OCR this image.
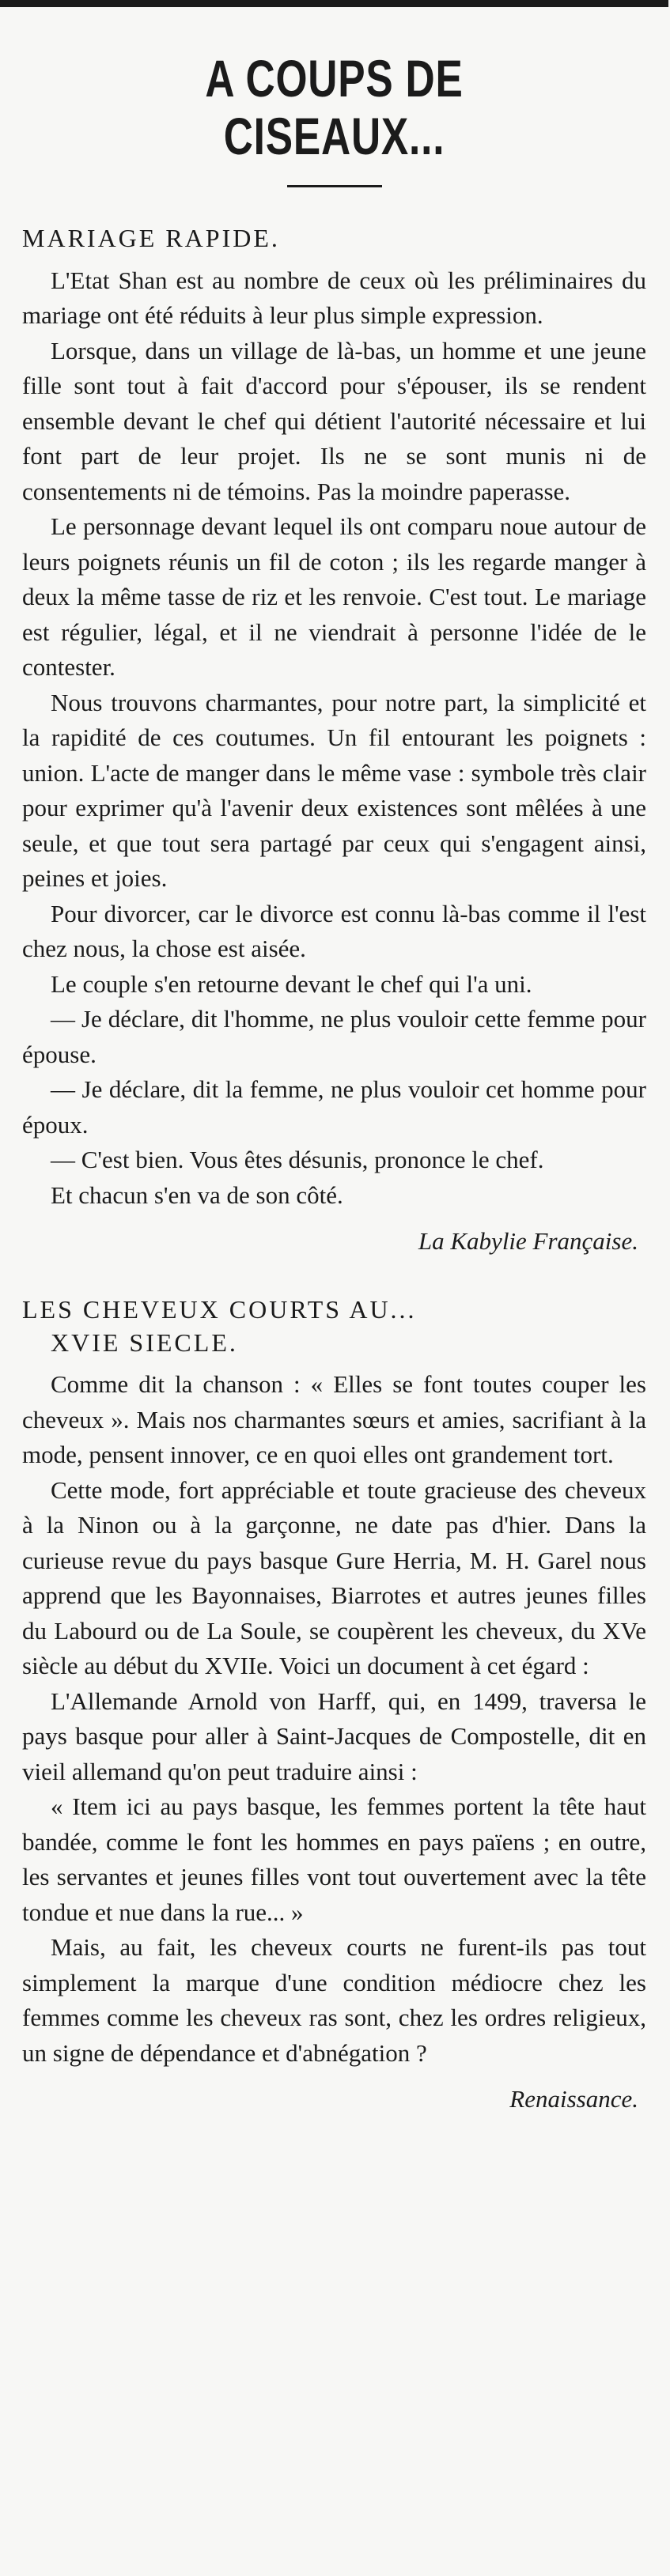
A COUPS DE CISEAUX...
MARIAGE RAPIDE.

L'Etat Shan est au nombre de ceux où les préliminaires du mariage ont été réduits à leur plus simple expression.

Lorsque, dans un village de là-bas, un homme et une jeune fille sont tout à fait d'accord pour s'épouser, ils se rendent ensemble devant le chef qui détient l'autorité nécessaire et lui font part de leur projet. Ils ne se sont munis ni de consentements ni de témoins. Pas la moindre paperasse.

Le personnage devant lequel ils ont comparu noue autour de leurs poignets réunis un fil de coton ; ils les regarde manger à deux la même tasse de riz et les renvoie. C'est tout. Le mariage est régulier, légal, et il ne viendrait à personne l'idée de le contester.

Nous trouvons charmantes, pour notre part, la simplicité et la rapidité de ces coutumes. Un fil entourant les poignets : union. L'acte de manger dans le même vase : symbole très clair pour exprimer qu'à l'avenir deux existences sont mêlées à une seule, et que tout sera partagé par ceux qui s'engagent ainsi, peines et joies.

Pour divorcer, car le divorce est connu là-bas comme il l'est chez nous, la chose est aisée.

Le couple s'en retourne devant le chef qui l'a uni.

— Je déclare, dit l'homme, ne plus vouloir cette femme pour épouse.

— Je déclare, dit la femme, ne plus vouloir cet homme pour époux.

— C'est bien. Vous êtes désunis, prononce le chef.

Et chacun s'en va de son côté.

La Kabylie Française.
LES CHEVEUX COURTS AU...
XVIE SIECLE.

Comme dit la chanson : « Elles se font toutes couper les cheveux ». Mais nos charmantes sœurs et amies, sacrifiant à la mode, pensent innover, ce en quoi elles ont grandement tort.

Cette mode, fort appréciable et toute gracieuse des cheveux à la Ninon ou à la garçonne, ne date pas d'hier. Dans la curieuse revue du pays basque Gure Herria, M. H. Garel nous apprend que les Bayonnaises, Biarrotes et autres jeunes filles du Labourd ou de La Soule, se coupèrent les cheveux, du XVe siècle au début du XVIIe. Voici un document à cet égard :

L'Allemande Arnold von Harff, qui, en 1499, traversa le pays basque pour aller à Saint-Jacques de Compostelle, dit en vieil allemand qu'on peut traduire ainsi :

« Item ici au pays basque, les femmes portent la tête haut bandée, comme le font les hommes en pays païens ; en outre, les servantes et jeunes filles vont tout ouvertement avec la tête tondue et nue dans la rue... »

Mais, au fait, les cheveux courts ne furent-ils pas tout simplement la marque d'une condition médiocre chez les femmes comme les cheveux ras sont, chez les ordres religieux, un signe de dépendance et d'abnégation ?

Renaissance.
